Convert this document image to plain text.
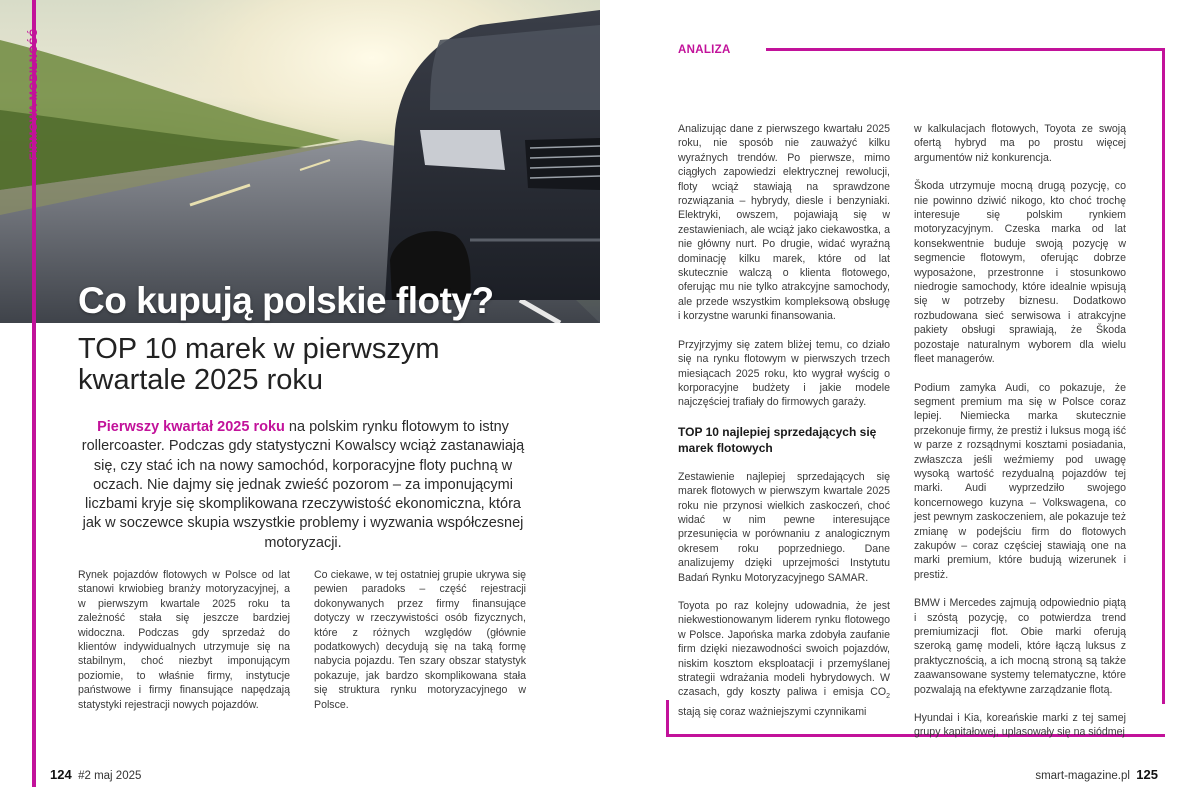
FIRMOWA MOBILNOŚĆ
Co kupują polskie floty?
TOP 10 marek w pierwszym kwartale 2025 roku

Pierwszy kwartał 2025 roku na polskim rynku flotowym to istny rollercoaster. Podczas gdy statystyczni Kowalscy wciąż zastanawiają się, czy stać ich na nowy samochód, korporacyjne floty puchną w oczach. Nie dajmy się jednak zwieść pozorom – za imponującymi liczbami kryje się skomplikowana rzeczywistość ekonomiczna, która jak w soczewce skupia wszystkie problemy i wyzwania współczesnej motoryzacji.

Rynek pojazdów flotowych w Polsce od lat stanowi krwiobieg branży motoryzacyjnej, a w pierwszym kwartale 2025 roku ta zależność stała się jeszcze bardziej widoczna. Podczas gdy sprzedaż do klientów indywidualnych utrzymuje się na stabilnym, choć niezbyt imponującym poziomie, to właśnie firmy, instytucje państwowe i firmy finansujące napędzają statystyki rejestracji nowych pojazdów.

Co ciekawe, w tej ostatniej grupie ukrywa się pewien paradoks – część rejestracji dokonywanych przez firmy finansujące dotyczy w rzeczywistości osób fizycznych, które z różnych względów (głównie podatkowych) decydują się na taką formę nabycia pojazdu. Ten szary obszar statystyk pokazuje, jak bardzo skomplikowana stała się struktura rynku motoryzacyjnego w Polsce.

124 #2 maj 2025
ANALIZA

Analizując dane z pierwszego kwartału 2025 roku, nie sposób nie zauważyć kilku wyraźnych trendów. Po pierwsze, mimo ciągłych zapowiedzi elektrycznej rewolucji, floty wciąż stawiają na sprawdzone rozwiązania – hybrydy, diesle i benzyniaki. Elektryki, owszem, pojawiają się w zestawieniach, ale wciąż jako ciekawostka, a nie główny nurt. Po drugie, widać wyraźną dominację kilku marek, które od lat skutecznie walczą o klienta flotowego, oferując mu nie tylko atrakcyjne samochody, ale przede wszystkim kompleksową obsługę i korzystne warunki finansowania.

Przyjrzyjmy się zatem bliżej temu, co działo się na rynku flotowym w pierwszych trzech miesiącach 2025 roku, kto wygrał wyścig o korporacyjne budżety i jakie modele najczęściej trafiały do firmowych garaży.

TOP 10 najlepiej sprzedających się marek flotowych

Zestawienie najlepiej sprzedających się marek flotowych w pierwszym kwartale 2025 roku nie przynosi wielkich zaskoczeń, choć widać w nim pewne interesujące przesunięcia w porównaniu z analogicznym okresem roku poprzedniego. Dane analizujemy dzięki uprzejmości Instytutu Badań Rynku Motoryzacyjnego SAMAR.

Toyota po raz kolejny udowadnia, że jest niekwestionowanym liderem rynku flotowego w Polsce. Japońska marka zdobyła zaufanie firm dzięki niezawodności swoich pojazdów, niskim kosztom eksploatacji i przemyślanej strategii wdrażania modeli hybrydowych. W czasach, gdy koszty paliwa i emisja $CO_2$ stają się coraz ważniejszymi czynnikami

w kalkulacjach flotowych, Toyota ze swoją ofertą hybryd ma po prostu więcej argumentów niż konkurencja.

Škoda utrzymuje mocną drugą pozycję, co nie powinno dziwić nikogo, kto choć trochę interesuje się polskim rynkiem motoryzacyjnym. Czeska marka od lat konsekwentnie buduje swoją pozycję w segmencie flotowym, oferując dobrze wyposażone, przestronne i stosunkowo niedrogie samochody, które idealnie wpisują się w potrzeby biznesu. Dodatkowo rozbudowana sieć serwisowa i atrakcyjne pakiety obsługi sprawiają, że Škoda pozostaje naturalnym wyborem dla wielu fleet managerów.

Podium zamyka Audi, co pokazuje, że segment premium ma się w Polsce coraz lepiej. Niemiecka marka skutecznie przekonuje firmy, że prestiż i luksus mogą iść w parze z rozsądnymi kosztami posiadania, zwłaszcza jeśli weźmiemy pod uwagę wysoką wartość rezydualną pojazdów tej marki. Audi wyprzedziło swojego koncernowego kuzyna – Volkswagena, co jest pewnym zaskoczeniem, ale pokazuje też zmianę w podejściu firm do flotowych zakupów – coraz częściej stawiają one na marki premium, które budują wizerunek i prestiż.

BMW i Mercedes zajmują odpowiednio piątą i szóstą pozycję, co potwierdza trend premiumizacji flot. Obie marki oferują szeroką gamę modeli, które łączą luksus z praktycznością, a ich mocną stroną są także zaawansowane systemy telematyczne, które pozwalają na efektywne zarządzanie flotą.

Hyundai i Kia, koreańskie marki z tej samej grupy kapitałowej, uplasowały się na siódmej

smart-magazine.pl 125
